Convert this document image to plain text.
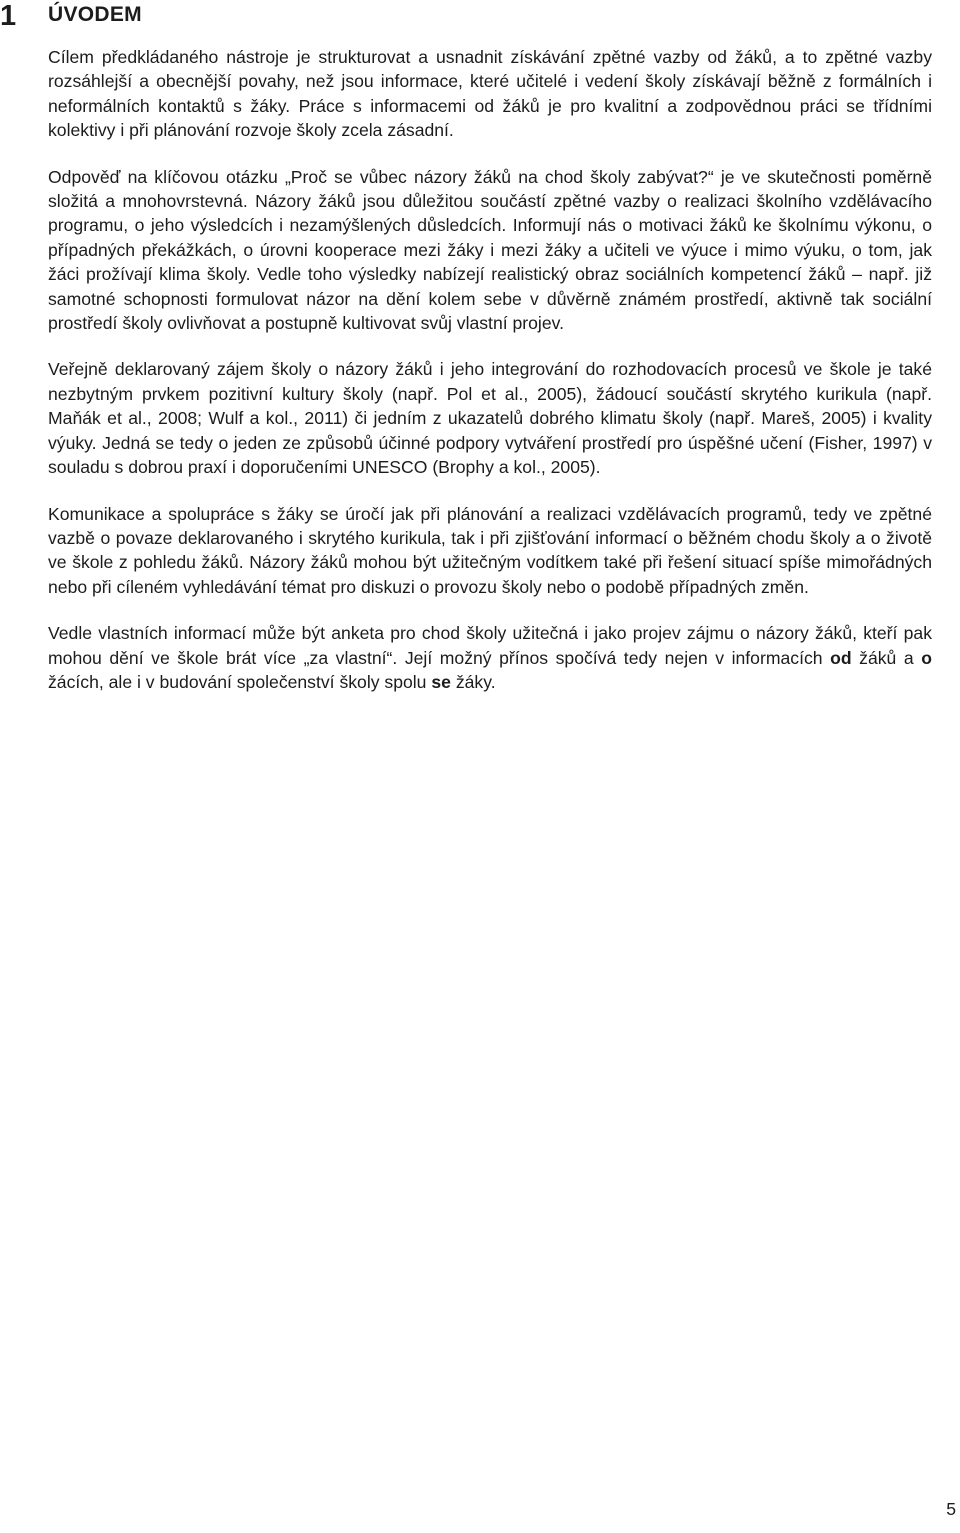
1 ÚVODEM

Cílem předkládaného nástroje je strukturovat a usnadnit získávání zpětné vazby od žáků, a to zpětné vazby rozsáhlejší a obecnější povahy, než jsou informace, které učitelé i vedení školy získávají běžně z formálních i neformálních kontaktů s žáky. Práce s informacemi od žáků je pro kvalitní a zodpovědnou práci se třídními kolektivy i při plánování rozvoje školy zcela zásadní.

Odpověď na klíčovou otázku „Proč se vůbec názory žáků na chod školy zabývat?“ je ve skutečnosti poměrně složitá a mnohovrstevná. Názory žáků jsou důležitou součástí zpětné vazby o realizaci školního vzdělávacího programu, o jeho výsledcích i nezamýšlených důsledcích. Informují nás o motivaci žáků ke školnímu výkonu, o případných překážkách, o úrovni kooperace mezi žáky i mezi žáky a učiteli ve výuce i mimo výuku, o tom, jak žáci prožívají klima školy. Vedle toho výsledky nabízejí realistický obraz sociálních kompetencí žáků – např. již samotné schopnosti formulovat názor na dění kolem sebe v důvěrně známém prostředí, aktivně tak sociální prostředí školy ovlivňovat a postupně kultivovat svůj vlastní projev.

Veřejně deklarovaný zájem školy o názory žáků i jeho integrování do rozhodovacích procesů ve škole je také nezbytným prvkem pozitivní kultury školy (např. Pol et al., 2005), žádoucí součástí skrytého kurikula (např. Maňák et al., 2008; Wulf a kol., 2011) či jedním z ukazatelů dobrého klimatu školy (např. Mareš, 2005) i kvality výuky. Jedná se tedy o jeden ze způsobů účinné podpory vytváření prostředí pro úspěšné učení (Fisher, 1997) v souladu s dobrou praxí i doporučeními UNESCO (Brophy a kol., 2005).

Komunikace a spolupráce s žáky se úročí jak při plánování a realizaci vzdělávacích programů, tedy ve zpětné vazbě o povaze deklarovaného i skrytého kurikula, tak i při zjišťování informací o běžném chodu školy a o životě ve škole z pohledu žáků. Názory žáků mohou být užitečným vodítkem také při řešení situací spíše mimořádných nebo při cíleném vyhledávání témat pro diskuzi o provozu školy nebo o podobě případných změn.

Vedle vlastních informací může být anketa pro chod školy užitečná i jako projev zájmu o názory žáků, kteří pak mohou dění ve škole brát více „za vlastní“. Její možný přínos spočívá tedy nejen v informacích od žáků a o žácích, ale i v budování společenství školy spolu se žáky.

5
